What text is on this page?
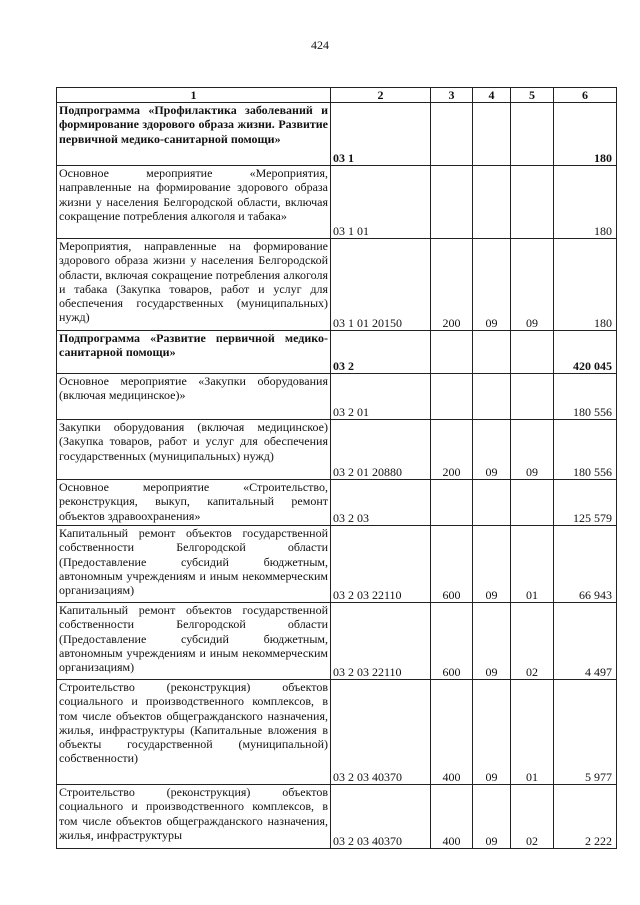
424
1	2	3	4	5	6
Подпрограмма «Профилактика заболеваний и формирование здорового образа жизни. Развитие первичной медико-санитарной помощи»	03 1				180
Основное мероприятие «Мероприятия, направленные на формирование здорового образа жизни у населения Белгородской области, включая сокращение потребления алкоголя и табака»	03 1 01				180
Мероприятия, направленные на формирование здорового образа жизни у населения Белгородской области, включая сокращение потребления алкоголя и табака (Закупка товаров, работ и услуг для обеспечения государственных (муниципальных) нужд)	03 1 01 20150	200	09	09	180
Подпрограмма «Развитие первичной медико-санитарной помощи»	03 2				420 045
Основное мероприятие «Закупки оборудования (включая медицинское)»	03 2 01				180 556
Закупки оборудования (включая медицинское) (Закупка товаров, работ и услуг для обеспечения государственных (муниципальных) нужд)	03 2 01 20880	200	09	09	180 556
Основное мероприятие «Строительство, реконструкция, выкуп, капитальный ремонт объектов здравоохранения»	03 2 03				125 579
Капитальный ремонт объектов государственной собственности Белгородской области (Предоставление субсидий бюджетным, автономным учреждениям и иным некоммерческим организациям)	03 2 03 22110	600	09	01	66 943
Капитальный ремонт объектов государственной собственности Белгородской области (Предоставление субсидий бюджетным, автономным учреждениям и иным некоммерческим организациям)	03 2 03 22110	600	09	02	4 497
Строительство (реконструкция) объектов социального и производственного комплексов, в том числе объектов общегражданского назначения, жилья, инфраструктуры (Капитальные вложения в объекты государственной (муниципальной) собственности)	03 2 03 40370	400	09	01	5 977
Строительство (реконструкция) объектов социального и производственного комплексов, в том числе объектов общегражданского назначения, жилья, инфраструктуры	03 2 03 40370	400	09	02	2 222
